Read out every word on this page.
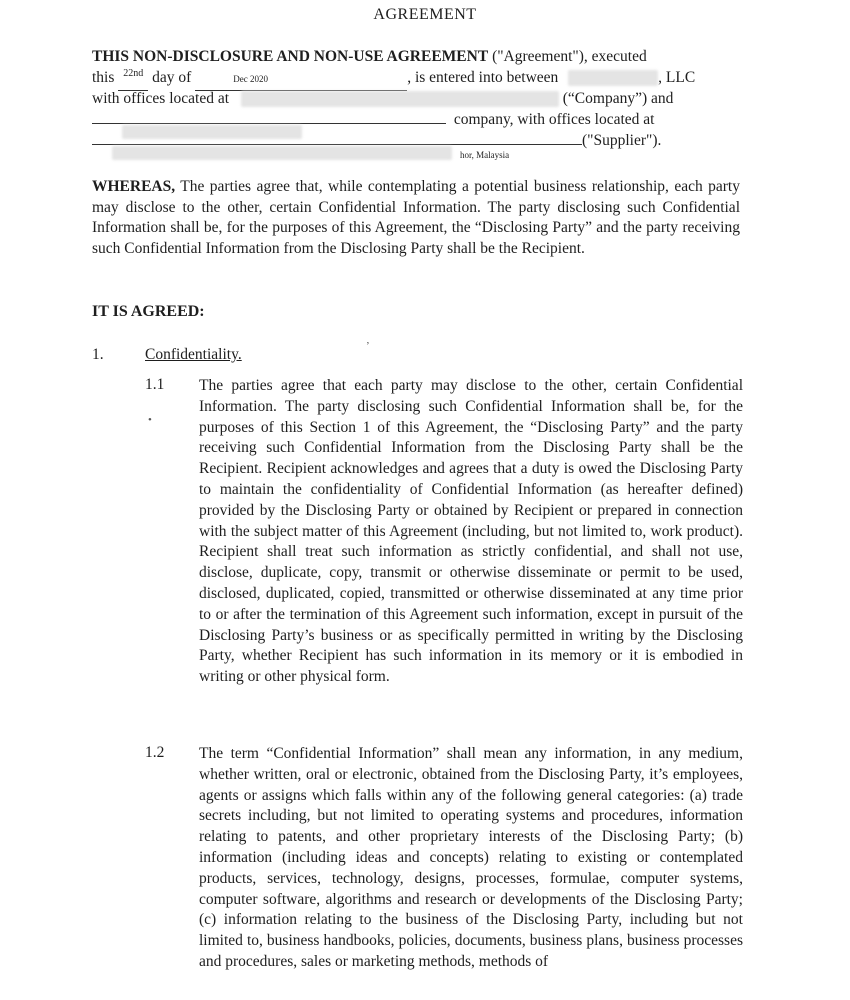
AGREEMENT
THIS NON-DISCLOSURE AND NON-USE AGREEMENT ("Agreement"), executed
this $^{22nd}$ day of	Dec 2020	, is entered into between	, LLC
with offices located at	(“Company”) and
company, with offices located at
hor, Malaysia
("Supplier").

WHEREAS, The parties agree that, while contemplating a potential business relationship, each party may disclose to the other, certain Confidential Information. The party disclosing such Confidential Information shall be, for the purposes of this Agreement, the “Disclosing Party” and the party receiving such Confidential Information from the Disclosing Party shall be the Recipient.

IT IS AGREED:
1.	Confidentiality.
1.1 The parties agree that each party may disclose to the other, certain Confidential Information. The party disclosing such Confidential Information shall be, for the purposes of this Section 1 of this Agreement, the “Disclosing Party” and the party receiving such Confidential Information from the Disclosing Party shall be the Recipient. Recipient acknowledges and agrees that a duty is owed the Disclosing Party to maintain the confidentiality of Confidential Information (as hereafter defined) provided by the Disclosing Party or obtained by Recipient or prepared in connection with the subject matter of this Agreement (including, but not limited to, work product). Recipient shall treat such information as strictly confidential, and shall not use, disclose, duplicate, copy, transmit or otherwise disseminate or permit to be used, disclosed, duplicated, copied, transmitted or otherwise disseminated at any time prior to or after the termination of this Agreement such information, except in pursuit of the Disclosing Party’s business or as specifically permitted in writing by the Disclosing Party, whether Recipient has such information in its memory or it is embodied in writing or other physical form.
1.2 The term “Confidential Information” shall mean any information, in any medium, whether written, oral or electronic, obtained from the Disclosing Party, it’s employees, agents or assigns which falls within any of the following general categories: (a) trade secrets including, but not limited to operating systems and procedures, information relating to patents, and other proprietary interests of the Disclosing Party; (b) information (including ideas and concepts) relating to existing or contemplated products, services, technology, designs, processes, formulae, computer systems, computer software, algorithms and research or developments of the Disclosing Party; (c) information relating to the business of the Disclosing Party, including but not limited to, business handbooks, policies, documents, business plans, business processes and procedures, sales or marketing methods, methods of
’
•
